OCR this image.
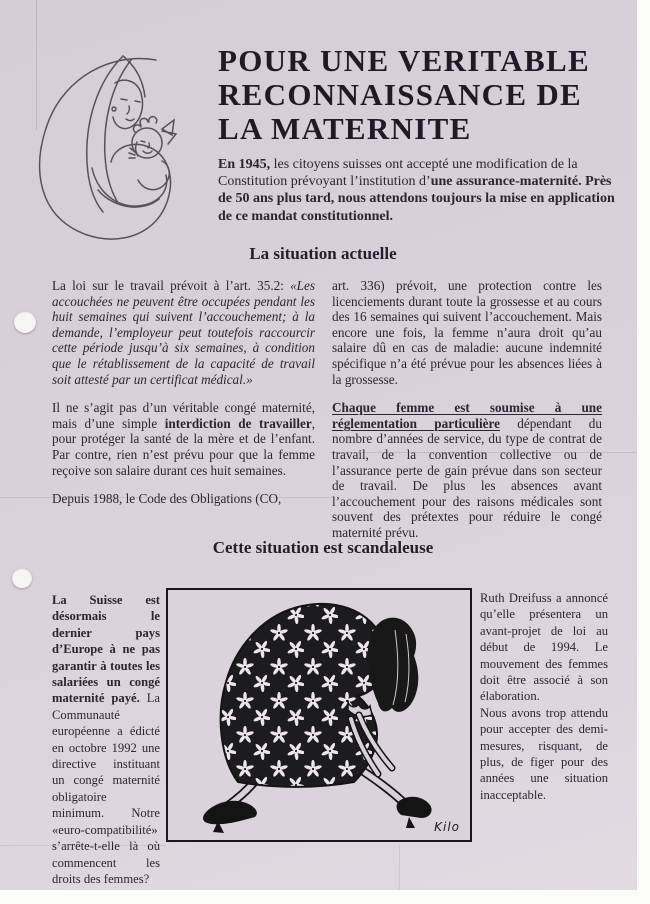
POUR UNE VERITABLE
RECONNAISSANCE DE
LA MATERNITE
En 1945, les citoyens suisses ont accepté une modification de la Constitution prévoyant l’institution d’une assurance-maternité. Près de 50 ans plus tard, nous attendons toujours la mise en application de ce mandat constitutionnel.
La situation actuelle

La loi sur le travail prévoit à l’art. 35.2: «Les accouchées ne peuvent être occupées pendant les huit semaines qui suivent l’accouchement; à la demande, l’employeur peut toutefois raccourcir cette période jusqu’à six semaines, à condition que le rétablissement de la capacité de travail soit attesté par un certificat médical.»

Il ne s’agit pas d’un véritable congé maternité, mais d’une simple interdiction de travailler, pour protéger la santé de la mère et de l’enfant. Par contre, rien n’est prévu pour que la femme reçoive son salaire durant ces huit semaines.

Depuis 1988, le Code des Obligations (CO,

art. 336) prévoit, une protection contre les licenciements durant toute la grossesse et au cours des 16 semaines qui suivent l’accouchement. Mais encore une fois, la femme n’aura droit qu’au salaire dû en cas de maladie: aucune indemnité spécifique n’a été prévue pour les absences liées à la grossesse.

Chaque femme est soumise à une réglementation particulière dépendant du nombre d’années de service, du type de contrat de travail, de la convention collective ou de l’assurance perte de gain prévue dans son secteur de travail. De plus les absences avant l’accouchement pour des raisons médicales sont souvent des prétextes pour réduire le congé maternité prévu.

Cette situation est scandaleuse

La Suisse est désormais le dernier pays d’Europe à ne pas garantir à toutes les salariées un congé maternité payé. La Communauté européenne a édicté en octobre 1992 une directive instituant un congé maternité obligatoire minimum. Notre «euro-compatibilité» s’arrête-t-elle là où commencent les droits des femmes?

Kilo

Ruth Dreifuss a annoncé qu’elle présentera un avant-projet de loi au début de 1994. Le mouvement des femmes doit être associé à son élaboration.

Nous avons trop attendu pour accepter des demi-mesures, risquant, de plus, de figer pour des années une situation inacceptable.
